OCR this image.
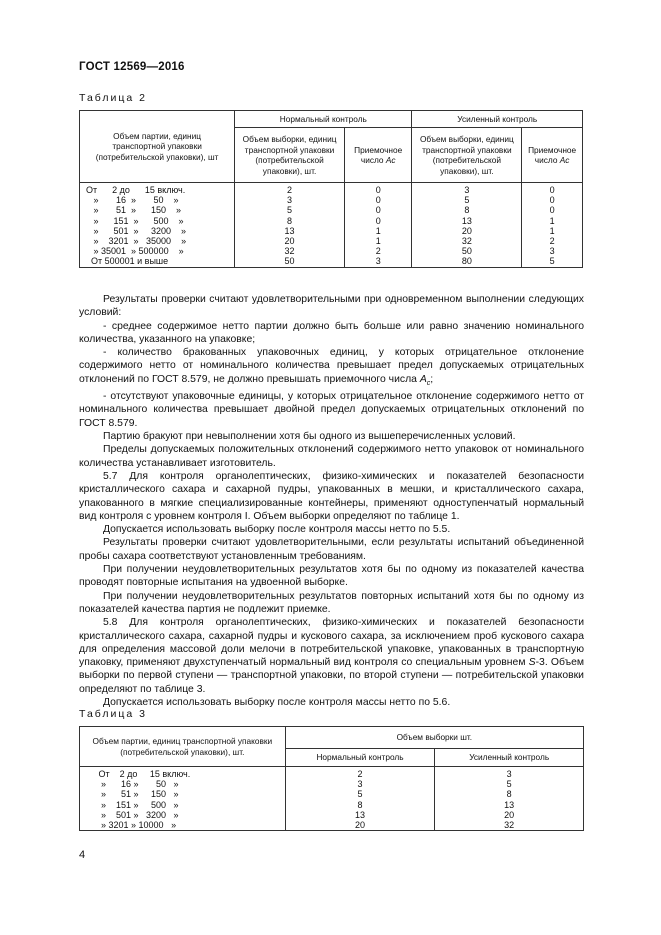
ГОСТ 12569—2016
Таблица 2
Объем партии, единиц транспортной упаковки (потребительской упаковки), шт	Нормальный контроль		Усиленный контроль	
	Объем выборки, единиц транспортной упаковки (потребительской упаковки), шт.	Приемочное число Ac	Объем выборки, единиц транспортной упаковки (потребительской упаковки), шт.	Приемочное число Ac
От      2 до      15 включ.	2	0	3	0
»       16  »       50    »	3	0	5	0
»       51  »      150    »	5	0	8	0
»      151  »      500    »	8	0	13	1
»      501  »     3200    »	13	1	20	1
»    3201  »   35000    »	20	1	32	2
» 35001  » 500000    »	32	2	50	3
От 500001 и выше	50	3	80	5

Результаты проверки считают удовлетворительными при одновременном выполнении следующих условий:

- среднее содержимое нетто партии должно быть больше или равно значению номинального количества, указанного на упаковке;

- количество бракованных упаковочных единиц, у которых отрицательное отклонение содержимого нетто от номинального количества превышает предел допускаемых отрицательных отклонений по ГОСТ 8.579, не должно превышать приемочного числа $A_c$;

- отсутствуют упаковочные единицы, у которых отрицательное отклонение содержимого нетто от номинального количества превышает двойной предел допускаемых отрицательных отклонений по ГОСТ 8.579.

Партию бракуют при невыполнении хотя бы одного из вышеперечисленных условий.

Пределы допускаемых положительных отклонений содержимого нетто упаковок от номинального количества устанавливает изготовитель.

5.7 Для контроля органолептических, физико-химических и показателей безопасности кристаллического сахара и сахарной пудры, упакованных в мешки, и кристаллического сахара, упакованного в мягкие специализированные контейнеры, применяют одноступенчатый нормальный вид контроля с уровнем контроля I. Объем выборки определяют по таблице 1.

Допускается использовать выборку после контроля массы нетто по 5.5.

Результаты проверки считают удовлетворительными, если результаты испытаний объединенной пробы сахара соответствуют установленным требованиям.

При получении неудовлетворительных результатов хотя бы по одному из показателей качества проводят повторные испытания на удвоенной выборке.

При получении неудовлетворительных результатов повторных испытаний хотя бы по одному из показателей качества партия не подлежит приемке.

5.8 Для контроля органолептических, физико-химических и показателей безопасности кристаллического сахара, сахарной пудры и кускового сахара, за исключением проб кускового сахара для определения массовой доли мелочи в потребительской упаковке, упакованных в транспортную упаковку, применяют двухступенчатый нормальный вид контроля со специальным уровнем S-3. Объем выборки по первой ступени — транспортной упаковки, по второй ступени — потребительской упаковки определяют по таблице 3.

Допускается использовать выборку после контроля массы нетто по 5.6.

Таблица 3
Объем партии, единиц транспортной упаковки (потребительской упаковки), шт.	Объем выборки шт.	
	Нормальный контроль	Усиленный контроль
От    2 до     15 включ.	2	3
»      16 »       50   »	3	5
»      51 »     150   »	5	8
»    151 »     500   »	8	13
»    501 »   3200   »	13	20
» 3201 » 10000   »	20	32
4
